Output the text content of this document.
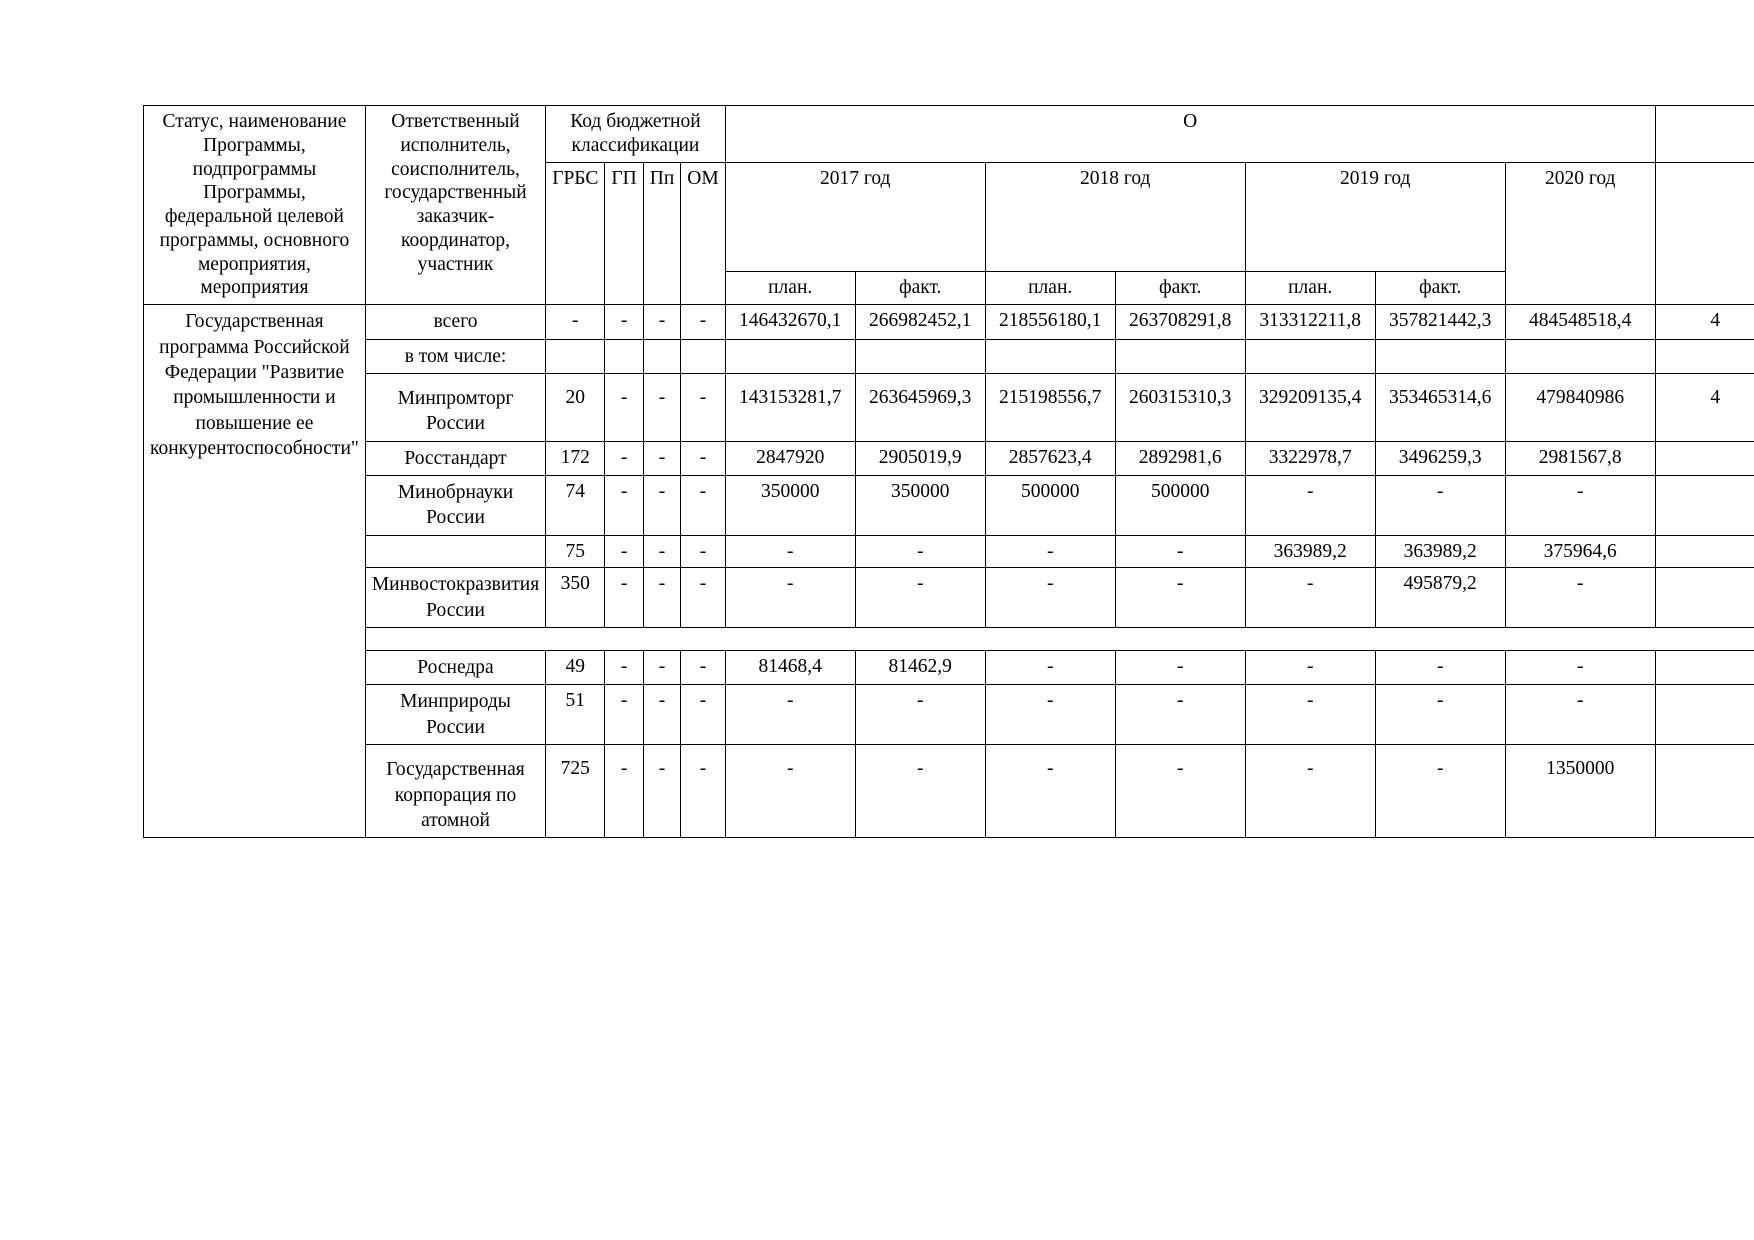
Статус, наименование Программы, подпрограммы Программы, федеральной целевой программы, основного мероприятия, мероприятия	Ответственный исполнитель, соисполнитель, государственный заказчик-координатор, участник	Код бюджетной классификации				О							
		ГРБС	ГП	Пп	ОМ	2017 год		2018 год		2019 год		2020 год	
						план.	факт.	план.	факт.	план.	факт.		
Государственная программа Российской Федерации "Развитие промышленности и повышение ее конкурентоспособности"	всего	-	-	-	-	146432670,1	266982452,1	218556180,1	263708291,8	313312211,8	357821442,3	484548518,4	4
	в том числе:												
	Минпромторг России	20	-	-	-	143153281,7	263645969,3	215198556,7	260315310,3	329209135,4	353465314,6	479840986	4
	Росстандарт	172	-	-	-	2847920	2905019,9	2857623,4	2892981,6	3322978,7	3496259,3	2981567,8	
	Минобрнауки России	74	-	-	-	350000	350000	500000	500000	-	-	-	
		75	-	-	-	-	-	-	-	363989,2	363989,2	375964,6	
	Минвостокразвития России	350	-	-	-	-	-	-	-	-	495879,2	-	

	Роснедра	49	-	-	-	81468,4	81462,9	-	-	-	-	-	
	Минприроды России	51	-	-	-	-	-	-	-	-	-	-	
	Государственная корпорация по атомной	725	-	-	-	-	-	-	-	-	-	1350000	
